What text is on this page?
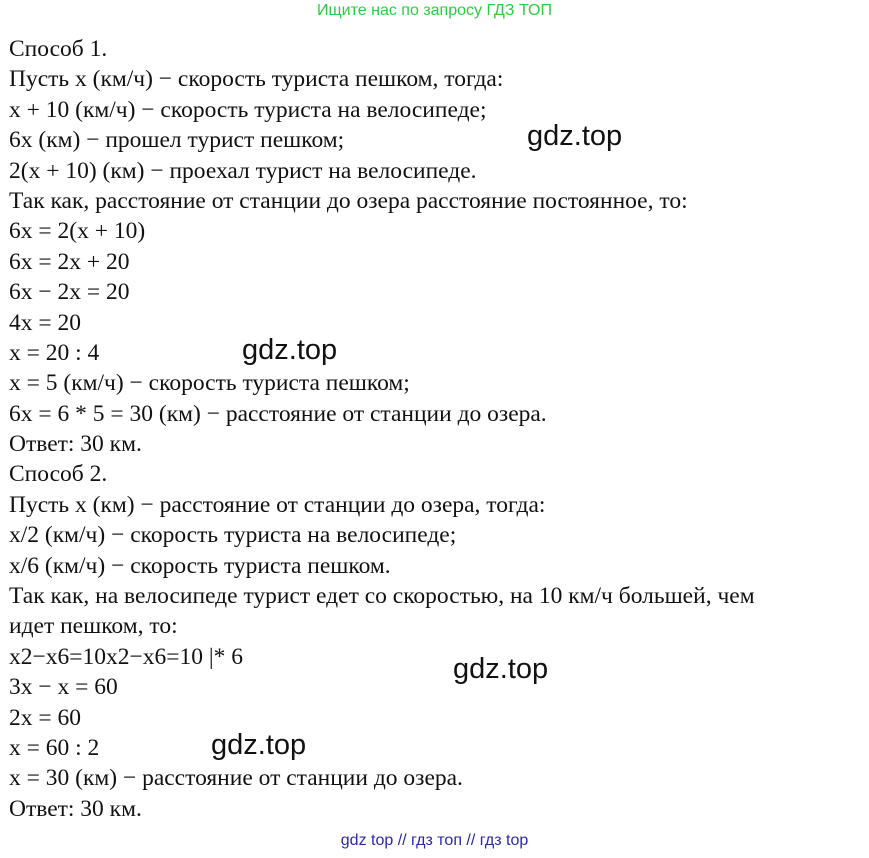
Ищите нас по запросу ГДЗ ТОП
Способ 1.
Пусть x (км/ч) − скорость туриста пешком, тогда:
x + 10 (км/ч) − скорость туриста на велосипеде;
6x (км) − прошел турист пешком;
2(x + 10) (км) − проехал турист на велосипеде.
Так как, расстояние от станции до озера расстояние постоянное, то:
6x = 2(x + 10)
6x = 2x + 20
6x − 2x = 20
4x = 20
x = 20 : 4
x = 5 (км/ч) − скорость туриста пешком;
6x = 6 * 5 = 30 (км) − расстояние от станции до озера.
Ответ: 30 км.
Способ 2.
Пусть x (км) − расстояние от станции до озера, тогда:
x/2 (км/ч) − скорость туриста на велосипеде;
x/6 (км/ч) − скорость туриста пешком.
Так как, на велосипеде турист едет со скоростью, на 10 км/ч большей, чем
идет пешком, то:
x2−x6=10x2−x6=10 |* 6
3x − x = 60
2x = 60
x = 60 : 2
x = 30 (км) − расстояние от станции до озера.
Ответ: 30 км.
gdz.top
gdz.top
gdz.top
gdz.top
gdz top // гдз топ // гдз top
